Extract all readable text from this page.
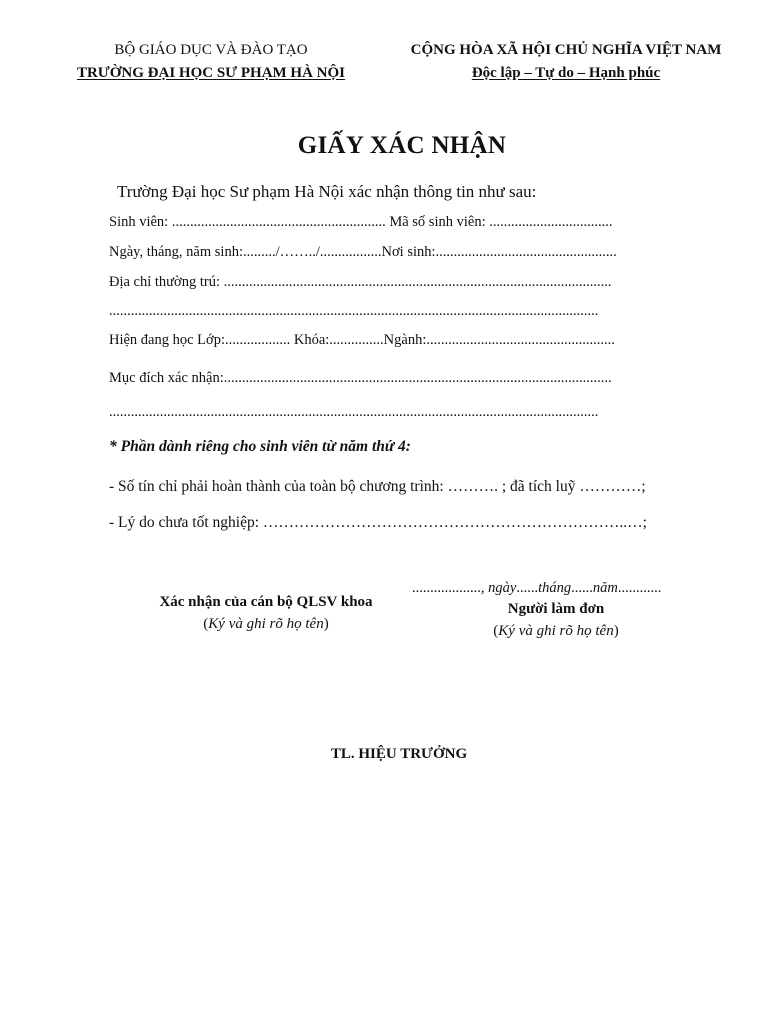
BỘ GIÁO DỤC VÀ ĐÀO TẠO
TRƯỜNG ĐẠI HỌC SƯ PHẠM HÀ NỘI
CỘNG HÒA XÃ HỘI CHỦ NGHĨA VIỆT NAM
Độc lập – Tự do – Hạnh phúc
GIẤY XÁC NHẬN
Trường Đại học Sư phạm Hà Nội xác nhận thông tin như sau:
Sinh viên: ........................................................... Mã số sinh viên: ..................................
Ngày, tháng, năm sinh:........./……../.................Nơi sinh:..................................................
Địa chỉ thường trú: ...........................................................................................................
.......................................................................................................................................
Hiện đang học Lớp:.................. Khóa:...............Ngành:....................................................
Mục đích xác nhận:...........................................................................................................
.......................................................................................................................................
* Phần dành riêng cho sinh viên từ năm thứ 4:
- Số tín chỉ phải hoàn thành của toàn bộ chương trình: ………. ; đã tích luỹ …………;
- Lý do chưa tốt nghiệp: ……………………………………………………………..…;
..................., ngày......tháng......năm............
Xác nhận của cán bộ QLSV khoa
(Ký và ghi rõ họ tên)
Người làm đơn
(Ký và ghi rõ họ tên)
TL. HIỆU TRƯỞNG
